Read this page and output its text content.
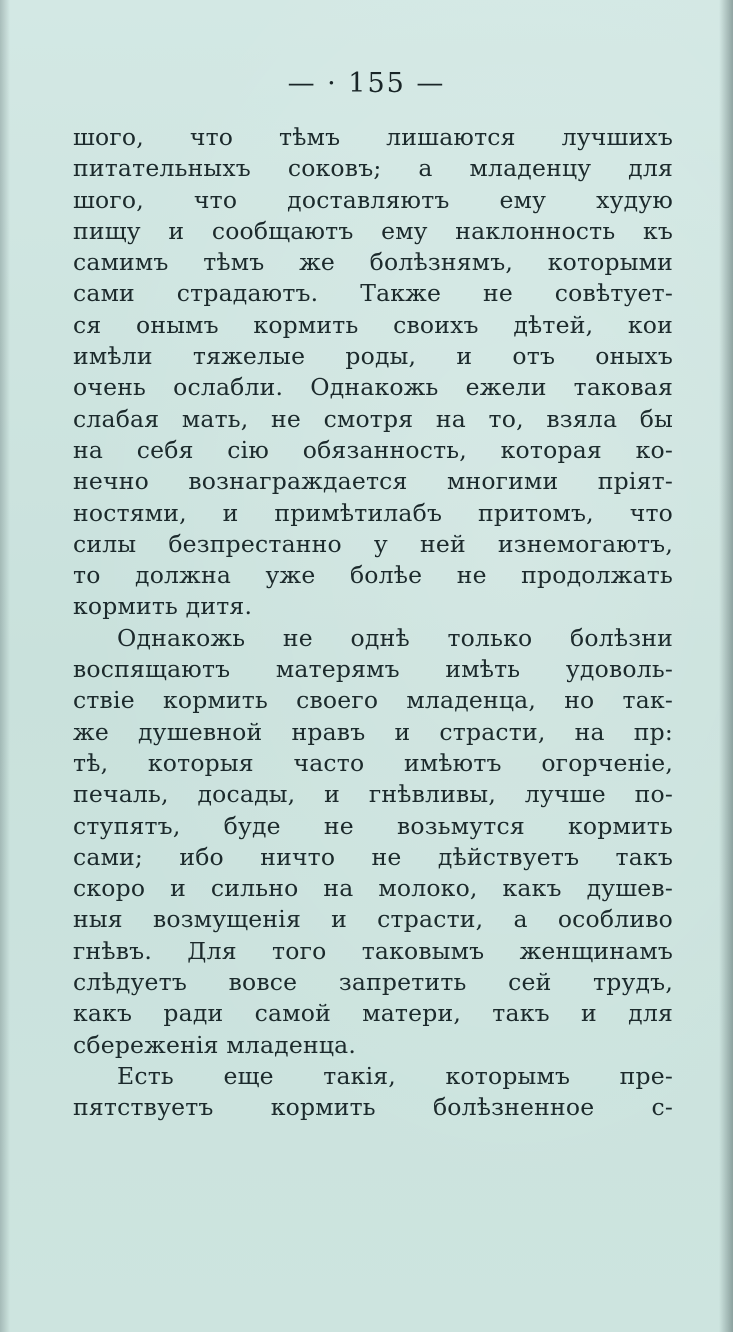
— · 155 —
шого, что тѣмъ лишаются лучшихъ
питательныхъ соковъ; а младенцу для
шого, что доставляютъ ему худую
пищу и сообщаютъ ему наклонность къ
самимъ тѣмъ же болѣзнямъ, которыми
сами страдаютъ. Также не совѣтует-
ся онымъ кормить своихъ дѣтей, кои
имѣли тяжелые роды, и отъ оныхъ
очень ослабли. Однакожь ежели таковая
слабая мать, не смотря на то, взяла бы
на себя сію обязанность, которая ко-
нечно вознаграждается многими пріят-
ностями, и примѣтилабъ притомъ, что
силы безпрестанно у ней изнемогаютъ,
то должна уже болѣе не продолжать
кормить дитя.
Однакожь не однѣ только болѣзни
воспящаютъ матерямъ имѣть удоволь-
ствіе кормить своего младенца, но так-
же душевной нравъ и страсти, на пр:
тѣ, которыя часто имѣютъ огорченіе,
печаль, досады, и гнѣвливы, лучше по-
ступятъ, буде не возьмутся кормить
сами; ибо ничто не дѣйствуетъ такъ
скоро и сильно на молоко, какъ душев-
ныя возмущенія и страсти, а особливо
гнѣвъ. Для того таковымъ женщинамъ
слѣдуетъ вовсе запретить сей трудъ,
какъ ради самой матери, такъ и для
сбереженія младенца.
Есть еще такія, которымъ пре-
пятствуетъ кормить болѣзненное с-
